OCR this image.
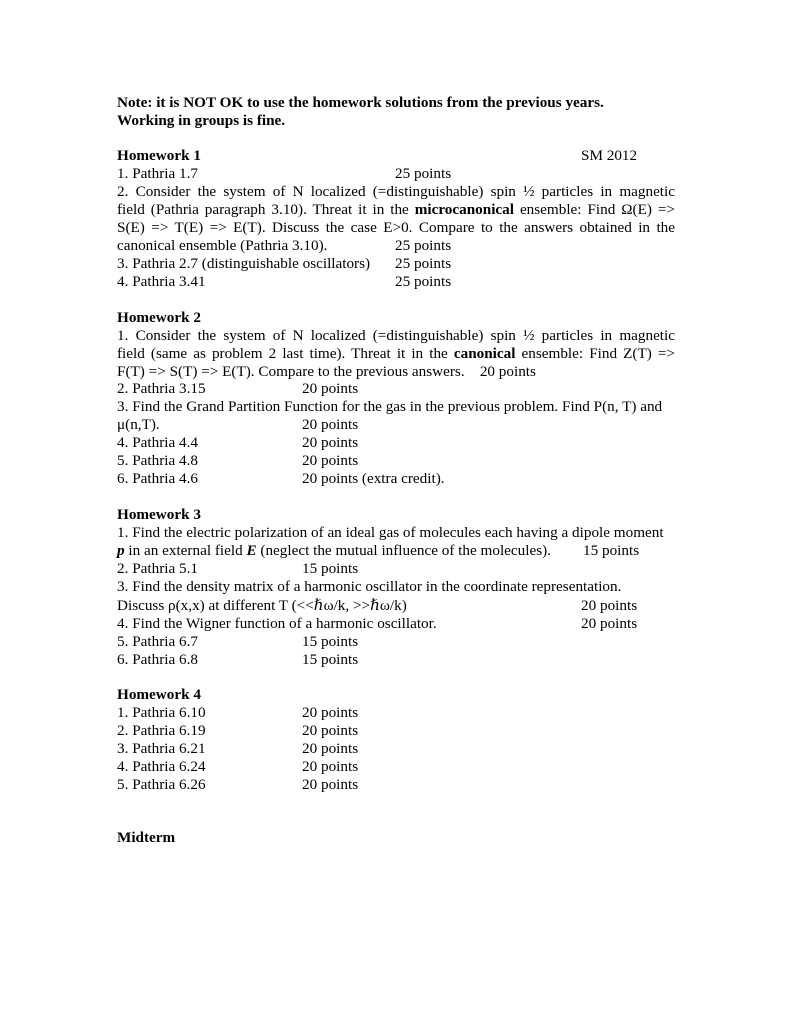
Note: it is NOT OK to use the homework solutions from the previous years.
Working in groups is fine.
Homework 1	SM 2012
1. Pathria 1.7	25 points
2. Consider the system of N localized (=distinguishable) spin ½ particles in magnetic
field (Pathria paragraph 3.10). Threat it in the microcanonical ensemble: Find Ω(E) =>
S(E) => T(E) => E(T). Discuss the case E>0. Compare to the answers obtained in the
canonical ensemble (Pathria 3.10).	25 points
3. Pathria 2.7 (distinguishable oscillators) 25 points
4. Pathria 3.41	25 points
Homework 2
1. Consider the system of N localized (=distinguishable) spin ½ particles in magnetic
field (same as problem 2 last time). Threat it in the canonical ensemble: Find Z(T) =>
F(T) => S(T) => E(T). Compare to the previous answers.    20 points
2. Pathria 3.15	20 points
3. Find the Grand Partition Function for the gas in the previous problem. Find P(n, T) and
μ(n,T).	20 points
4. Pathria 4.4	20 points
5. Pathria 4.8	20 points
6. Pathria 4.6	20 points (extra credit).
Homework 3
1. Find the electric polarization of an ideal gas of molecules each having a dipole moment
p in an external field E (neglect the mutual influence of the molecules). 15 points
2. Pathria 5.1	15 points
3. Find the density matrix of a harmonic oscillator in the coordinate representation.
Discuss ρ(x,x) at different T (<<ℏω/k, >>ℏω/k)	20 points
4. Find the Wigner function of a harmonic oscillator.	20 points
5. Pathria 6.7	15 points
6. Pathria 6.8	15 points
Homework 4
1. Pathria 6.10	20 points
2. Pathria 6.19	20 points
3. Pathria 6.21	20 points
4. Pathria 6.24	20 points
5. Pathria 6.26	20 points
Midterm
